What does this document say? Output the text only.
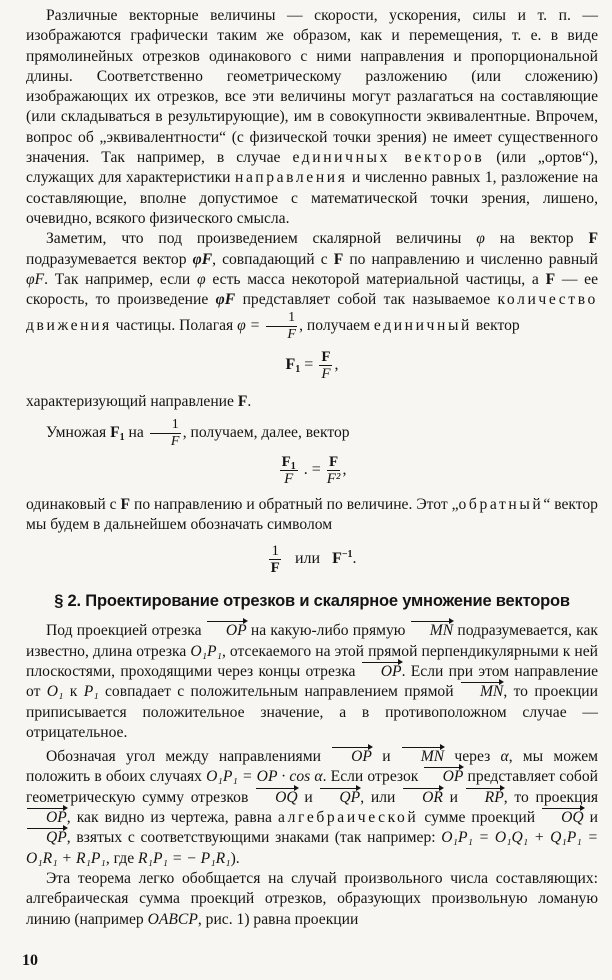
Различные векторные величины — скорости, ускорения, силы и т. п. — изображаются графически таким же образом, как и перемещения, т. е. в виде прямолинейных отрезков одинакового с ними направления и пропорциональной длины. Соответственно геометрическому разложению (или сложению) изображающих их отрезков, все эти величины могут разлагаться на составляющие (или складываться в результирующие), им в совокупности эквивалентные. Впрочем, вопрос об „эквивалентности“ (с физической точки зрения) не имеет существенного значения. Так например, в случае единичных векторов (или „ортов“), служащих для характеристики направления и численно равных 1, разложение на составляющие, вполне допустимое с математической точки зрения, лишено, очевидно, всякого физического смысла.

Заметим, что под произведением скалярной величины φ на вектор F подразумевается вектор φF, совпадающий с F по направлению и численно равный φF. Так например, если φ есть масса некоторой материальной частицы, а F — ее скорость, то произведение φF представляет собой так называемое количество движения частицы. Полагая $\varphi = \frac{1}{F}$ , получаем единичный вектор

$F_1 = \frac{F}{F}$ ,

характеризующий направление F.

Умножая $F_1$ на $\frac{1}{F}$ , получаем, далее, вектор

$\frac{F_1}{F}$ . = $\frac{F}{\text{F²}}$ ,

одинаковый с F по направлению и обратный по величине. Этот „обратный“ вектор мы будем в дальнейшем обозначать символом

$\frac{1}{F}$ или $F^{-1}$.
§ 2. Проектирование отрезков и скалярное умножение векторов

Под проекцией отрезка OP на какую-либо прямую MN подразумевается, как известно, длина отрезка O₁P₁, отсекаемого на этой прямой перпендикулярными к ней плоскостями, проходящими через концы отрезка OP. Если при этом направление от O₁ к P₁ совпадает с положительным направлением прямой MN, то проекции приписывается положительное значение, а в противоположном случае — отрицательное.

Обозначая угол между направлениями OP и MN через α, мы можем положить в обоих случаях O₁P₁ = OP · cos α. Если отрезок OP представляет собой геометрическую сумму отрезков OQ и QP, или OR и RP, то проекция OP, как видно из чертежа, равна алгебраической сумме проекций OQ и QP, взятых с соответствующими знаками (так например: O₁P₁ = O₁Q₁ + Q₁P₁ = O₁R₁ + R₁P₁, где R₁P₁ = − P₁R₁).

Эта теорема легко обобщается на случай произвольного числа составляющих: алгебраическая сумма проекций отрезков, образующих произвольную ломаную линию (например OABCP, рис. 1) равна проекции

10
